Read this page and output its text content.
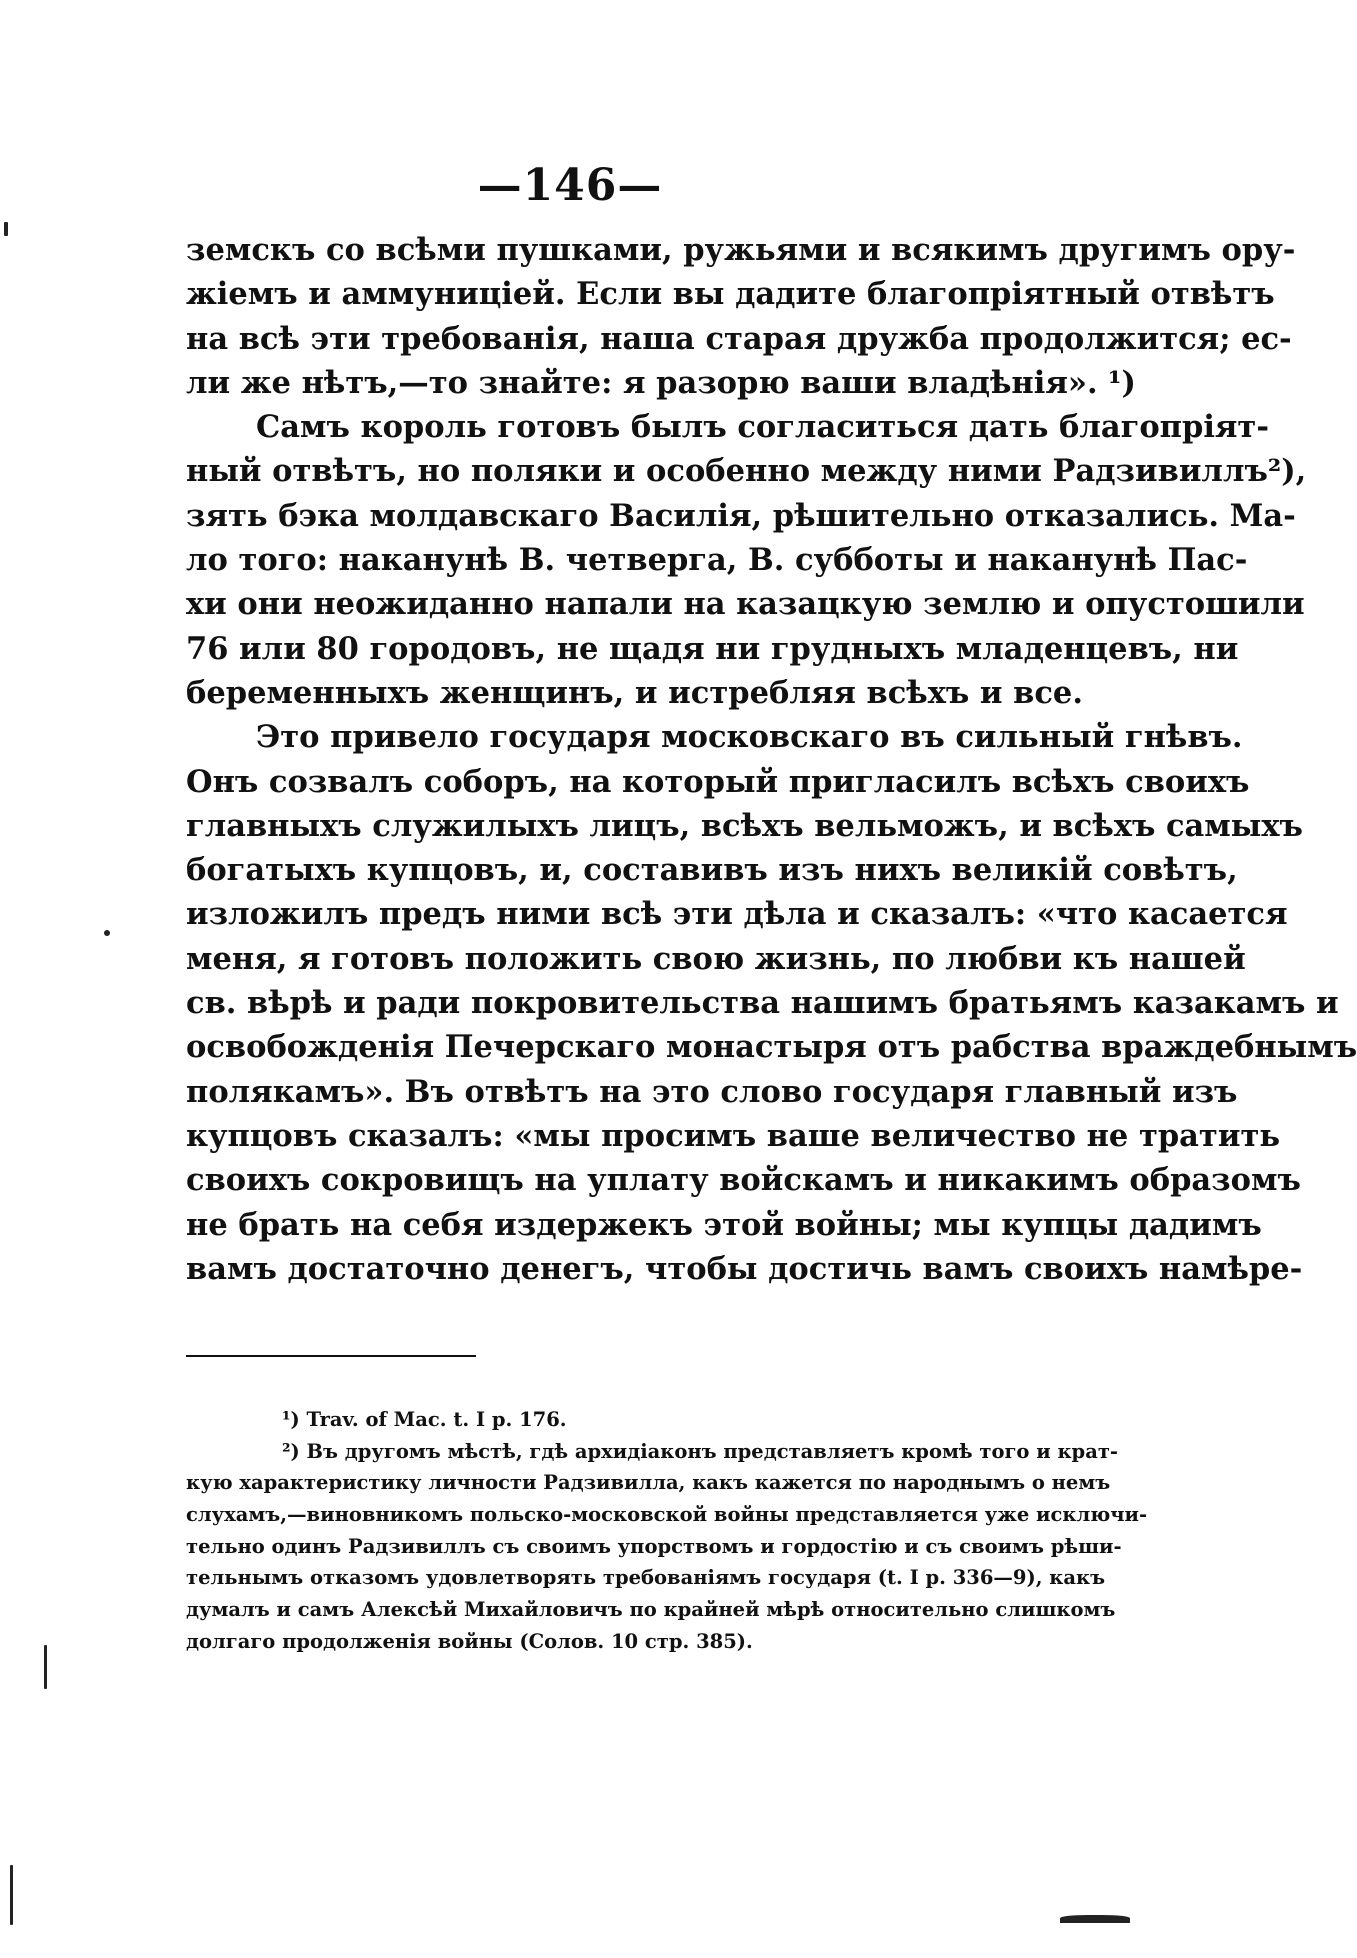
—146—
земскъ со всѣми пушками, ружьями и всякимъ другимъ ору-
жіемъ и аммуниціей. Если вы дадите благопріятный отвѣтъ
на всѣ эти требованія, наша старая дружба продолжится; ес-
ли же нѣтъ,—то знайте: я разорю ваши владѣнія». ¹)
Самъ король готовъ былъ согласиться дать благопріят-
ный отвѣтъ, но поляки и особенно между ними Радзивиллъ²),
зять бэка молдавскаго Василія, рѣшительно отказались. Ма-
ло того: наканунѣ В. четверга, В. субботы и наканунѣ Пас-
хи они неожиданно напали на казацкую землю и опустошили
76 или 80 городовъ, не щадя ни грудныхъ младенцевъ, ни
беременныхъ женщинъ, и истребляя всѣхъ и все.
Это привело государя московскаго въ сильный гнѣвъ.
Онъ созвалъ соборъ, на который пригласилъ всѣхъ своихъ
главныхъ служилыхъ лицъ, всѣхъ вельможъ, и всѣхъ самыхъ
богатыхъ купцовъ, и, составивъ изъ нихъ великій совѣтъ,
изложилъ предъ ними всѣ эти дѣла и сказалъ: «что касается
меня, я готовъ положить свою жизнь, по любви къ нашей
св. вѣрѣ и ради покровительства нашимъ братьямъ казакамъ и
освобожденія Печерскаго монастыря отъ рабства враждебнымъ
полякамъ». Въ отвѣтъ на это слово государя главный изъ
купцовъ сказалъ: «мы просимъ ваше величество не тратить
своихъ сокровищъ на уплату войскамъ и никакимъ образомъ
не брать на себя издержекъ этой войны; мы купцы дадимъ
вамъ достаточно денегъ, чтобы достичь вамъ своихъ намѣре-
¹) Trav. of Mac. t. I p. 176.
²) Въ другомъ мѣстѣ, гдѣ архидіаконъ представляетъ кромѣ того и крат-
кую характеристику личности Радзивилла, какъ кажется по народнымъ о немъ
слухамъ,—виновникомъ польско-московской войны представляется уже исключи-
тельно одинъ Радзивиллъ съ своимъ упорствомъ и гордостію и съ своимъ рѣши-
тельнымъ отказомъ удовлетворять требованіямъ государя (t. I p. 336—9), какъ
думалъ и самъ Алексѣй Михайловичъ по крайней мѣрѣ относительно слишкомъ
долгаго продолженія войны (Солов. 10 стр. 385).
